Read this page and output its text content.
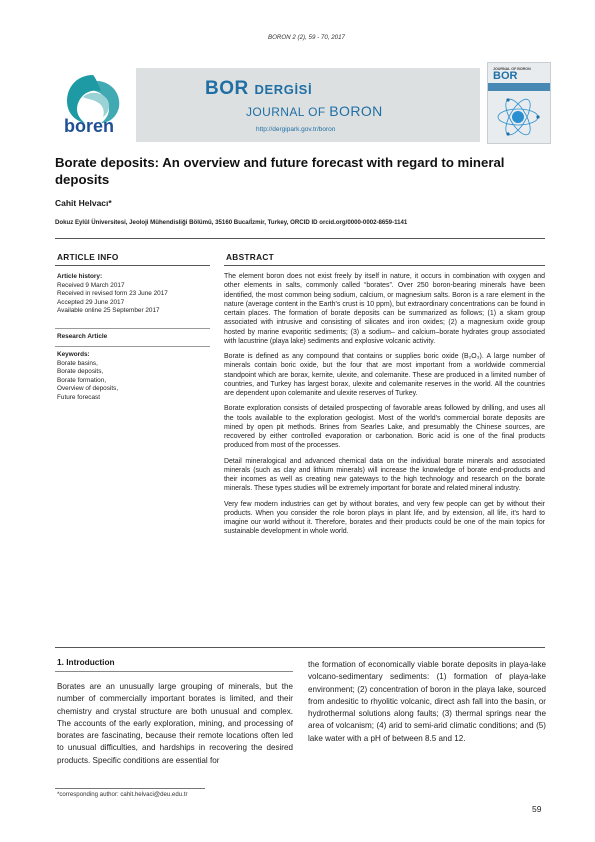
BORON 2 (2), 59 - 70, 2017
boren
BOR DERGİSİ
JOURNAL OF BORON
http://dergipark.gov.tr/boron
JOURNAL OF BORON
BOR
Borate deposits: An overview and future forecast with regard to mineral deposits
Cahit Helvacı*
Dokuz Eylül Üniversitesi, Jeoloji Mühendisliği Bölümü, 35160 Buca/İzmir, Turkey, ORCID ID orcid.org/0000-0002-8659-1141
ARTICLE INFO	ABSTRACT
Article history:
Received 9 March 2017
Received in revised form 23 June 2017
Accepted 29 June 2017
Available online 25 September 2017
Research Article
Keywords:
Borate basins,
Borate deposits,
Borate formation,
Overview of deposits,
Future forecast

The element boron does not exist freely by itself in nature, it occurs in combination with oxygen and other elements in salts, commonly called “borates”. Over 250 boron-bearing minerals have been identified, the most common being sodium, calcium, or magnesium salts. Boron is a rare element in the nature (average content in the Earth's crust is 10 ppm), but extraordinary concentrations can be found in certain places. The formation of borate deposits can be summarized as follows; (1) a skarn group associated with intrusive and consisting of silicates and iron oxides; (2) a magnesium oxide group hosted by marine evaporitic sediments; (3) a sodium– and calcium–borate hydrates group associated with lacustrine (playa lake) sediments and explosive volcanic activity.

Borate is defined as any compound that contains or supplies boric oxide (B₂O₃). A large number of minerals contain boric oxide, but the four that are most important from a worldwide commercial standpoint which are borax, kernite, ulexite, and colemanite. These are produced in a limited number of countries, and Turkey has largest borax, ulexite and colemanite reserves in the world. All the countries are dependent upon colemanite and ulexite reserves of Turkey.

Borate exploration consists of detailed prospecting of favorable areas followed by drilling, and uses all the tools available to the exploration geologist. Most of the world's commercial borate deposits are mined by open pit methods. Brines from Searles Lake, and presumably the Chinese sources, are recovered by either controlled evaporation or carbonation. Boric acid is one of the final products produced from most of the processes.

Detail mineralogical and advanced chemical data on the individual borate minerals and associated minerals (such as clay and lithium minerals) will increase the knowledge of borate end-products and their incomes as well as creating new gateways to the high technology and research on the borate minerals. These types studies will be extremely important for borate and related mineral industry.

Very few modern industries can get by without borates, and very few people can get by without their products. When you consider the role boron plays in plant life, and by extension, all life, it's hard to imagine our world without it. Therefore, borates and their products could be one of the main topics for sustainable development in whole world.

1. Introduction

Borates are an unusually large grouping of minerals, but the number of commercially important borates is limited, and their chemistry and crystal structure are both unusual and complex. The accounts of the early exploration, mining, and processing of borates are fascinating, because their remote locations often led to unusual difficulties, and hardships in recovering the desired products. Specific conditions are essential for

the formation of economically viable borate deposits in playa-lake volcano-sedimentary sediments: (1) formation of playa-lake environment; (2) concentration of boron in the playa lake, sourced from andesitic to rhyolitic volcanic, direct ash fall into the basin, or hydrothermal solutions along faults; (3) thermal springs near the area of volcanism; (4) arid to semi-arid climatic conditions; and (5) lake water with a pH of between 8.5 and 12.

*corresponding author: cahit.helvaci@deu.edu.tr
59
